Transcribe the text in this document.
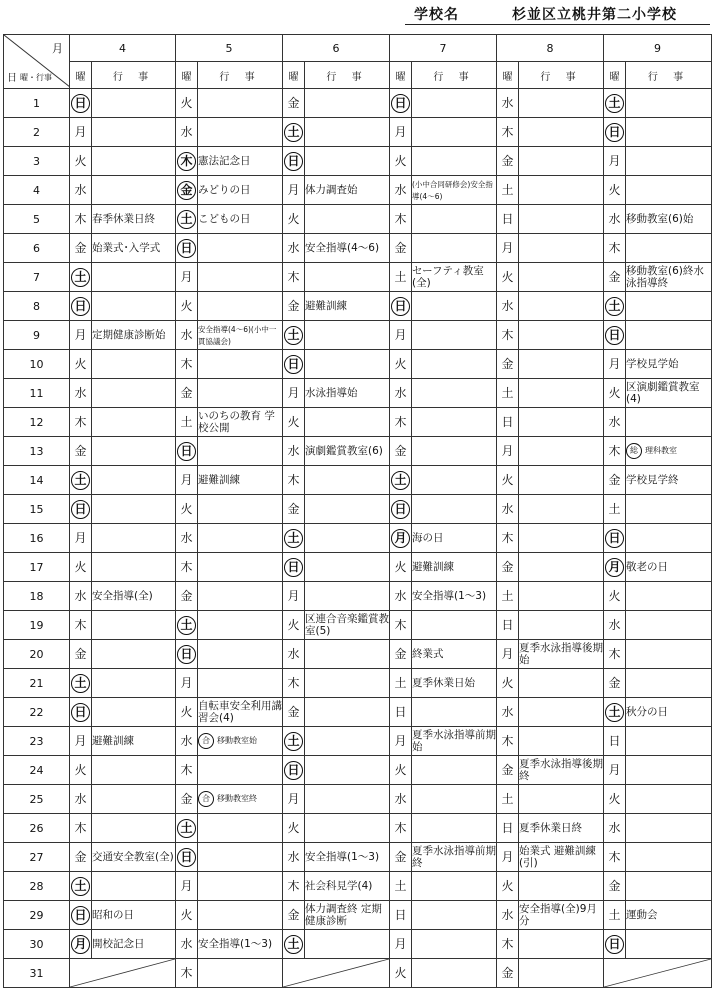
学校名	杉並区立桃井第二小学校
月
日 曜・行事	4		5		6		7		8		9	
	曜	行 事	曜	行 事	曜	行 事	曜	行 事	曜	行 事	曜	行 事
1	日		火		金		日		水		土	
2	月		水		土		月		木		日	
3	火		木	憲法記念日	日		火		金		月	
4	水		金	みどりの日	月	体力調査始	水	(小中合同研修会)安全指導(4～6)	土		火	
5	木	春季休業日終	土	こどもの日	火		木		日		水	移動教室(6)始
6	金	始業式･入学式	日		水	安全指導(4～6)	金		月		木	
7	土		月		木		土	セーフティ教室(全)	火		金	移動教室(6)終水泳指導終
8	日		火		金	避難訓練	日		水		土	
9	月	定期健康診断始	水	安全指導(4～6)(小中一貫協議会)	土		月		木		日	
10	火		木		日		火		金		月	学校見学始
11	水		金		月	水泳指導始	水		土		火	区演劇鑑賞教室(4)
12	木		土	いのちの教育 学校公開	火		木		日		水	
13	金		日		水	演劇鑑賞教室(6)	金		月		木	総 理科教室

14	土		月	避難訓練	木		土		火		金	学校見学終
15	日		火		金		日		水		土	
16	月		水		土		月	海の日	木		日	
17	火		木		日		火	避難訓練	金		月	敬老の日
18	水	安全指導(全)	金		月		水	安全指導(1～3)	土		火	
19	木		土		火	区連合音楽鑑賞教室(5)	木		日		水	
20	金		日		水		金	終業式	月	夏季水泳指導後期始	木	
21	土		月		木		土	夏季休業日始	火		金	
22	日		火	自転車安全利用講習会(4)	金		日		水		土	秋分の日
23	月	避難訓練	水	合 移動教室始	土		月	夏季水泳指導前期始	木		日	
24	火		木		日		火		金	夏季水泳指導後期終	月	
25	水		金	合 移動教室終	月		水		土		火	
26	木		土		火		木		日	夏季休業日終	水	
27	金	交通安全教室(全)	日		水	安全指導(1～3)	金	夏季水泳指導前期終	月	始業式 避難訓練(引)	木	
28	土		月		木	社会科見学(4)	土		火		金	
29	日	昭和の日	火		金	体力調査終 定期健康診断	日		水	安全指導(全)9月分	土	運動会
30	月	開校記念日	水	安全指導(1～3)	土		月		木		日	
31			木				火		金		
